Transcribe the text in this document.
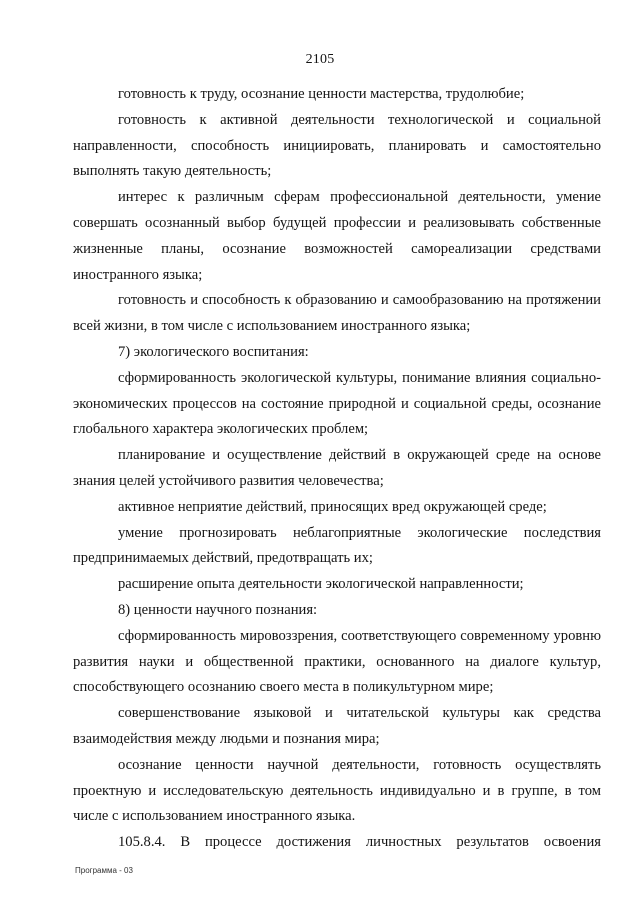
2105

готовность к труду, осознание ценности мастерства, трудолюбие;

готовность к активной деятельности технологической и социальной направленности, способность инициировать, планировать и самостоятельно выполнять такую деятельность;

интерес к различным сферам профессиональной деятельности, умение совершать осознанный выбор будущей профессии и реализовывать собственные жизненные планы, осознание возможностей самореализации средствами иностранного языка;

готовность и способность к образованию и самообразованию на протяжении всей жизни, в том числе с использованием иностранного языка;

7) экологического воспитания:

сформированность экологической культуры, понимание влияния социально-экономических процессов на состояние природной и социальной среды, осознание глобального характера экологических проблем;

планирование и осуществление действий в окружающей среде на основе знания целей устойчивого развития человечества;

активное неприятие действий, приносящих вред окружающей среде;

умение прогнозировать неблагоприятные экологические последствия предпринимаемых действий, предотвращать их;

расширение опыта деятельности экологической направленности;

8) ценности научного познания:

сформированность мировоззрения, соответствующего современному уровню развития науки и общественной практики, основанного на диалоге культур, способствующего осознанию своего места в поликультурном мире;

совершенствование языковой и читательской культуры как средства взаимодействия между людьми и познания мира;

осознание ценности научной деятельности, готовность осуществлять проектную и исследовательскую деятельность индивидуально и в группе, в том числе с использованием иностранного языка.

105.8.4. В процессе достижения личностных результатов освоения

Программа - 03
